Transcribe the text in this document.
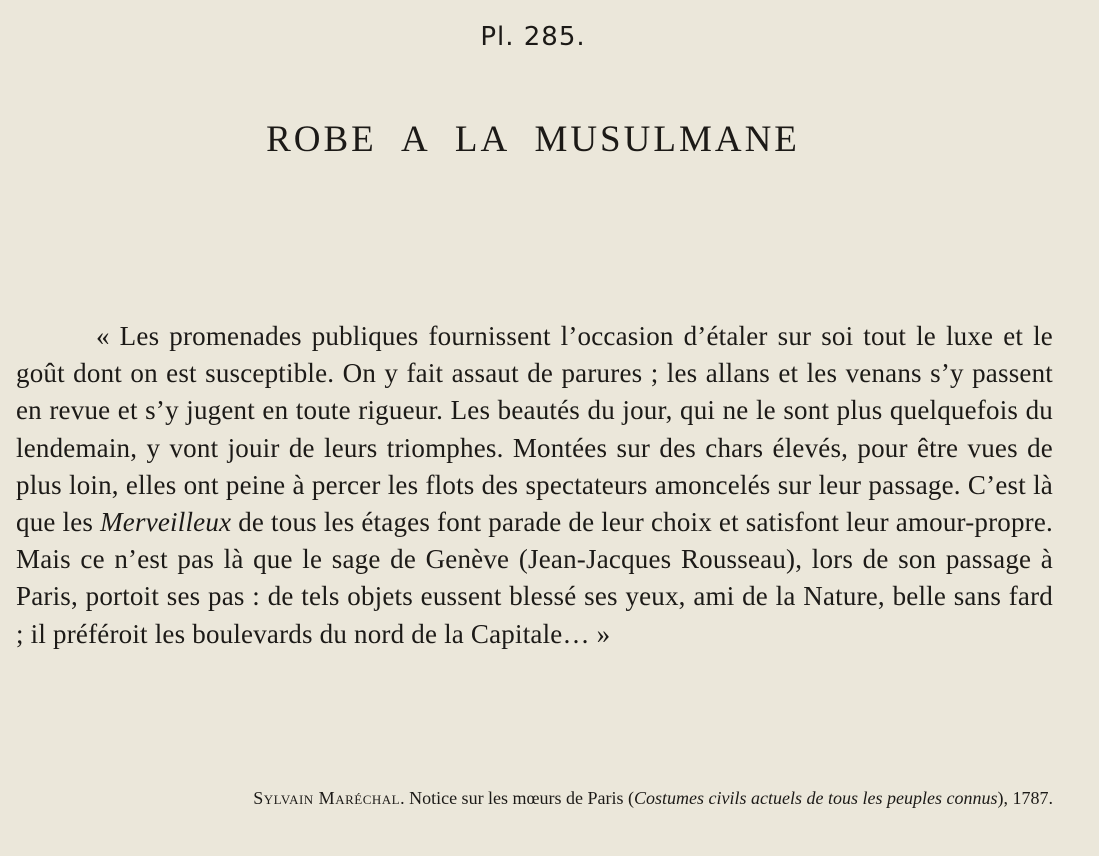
Pl. 285.
ROBE A LA MUSULMANE

« Les promenades publiques fournissent l’occasion d’étaler sur soi tout le luxe et le goût dont on est susceptible. On y fait assaut de parures ; les allans et les venans s’y passent en revue et s’y jugent en toute rigueur. Les beautés du jour, qui ne le sont plus quelquefois du lendemain, y vont jouir de leurs triomphes. Montées sur des chars élevés, pour être vues de plus loin, elles ont peine à percer les flots des spectateurs amoncelés sur leur passage. C’est là que les Merveilleux de tous les étages font parade de leur choix et satisfont leur amour-propre. Mais ce n’est pas là que le sage de Genève (Jean-Jacques Rousseau), lors de son passage à Paris, portoit ses pas : de tels objets eussent blessé ses yeux, ami de la Nature, belle sans fard ; il préféroit les boulevards du nord de la Capitale… »

Sylvain Maréchal. Notice sur les mœurs de Paris (Costumes civils actuels de tous les peuples connus), 1787.
